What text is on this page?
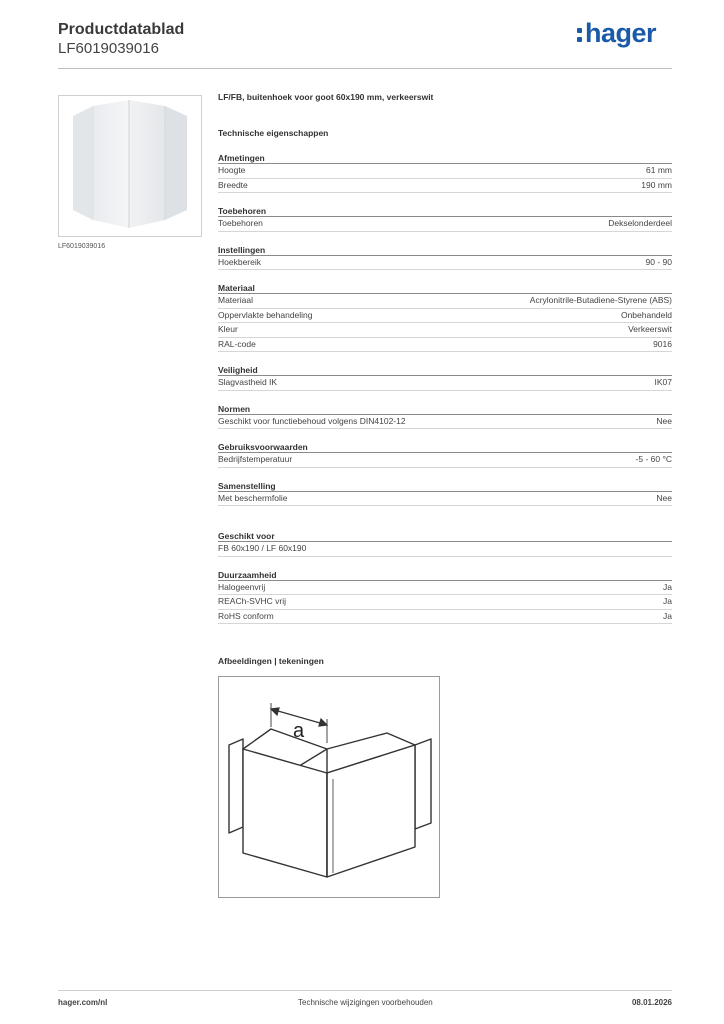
Productdatablad
LF6019039016
hager
LF6019039016
LF/FB, buitenhoek voor goot 60x190 mm, verkeerswit
Technische eigenschappen
Afmetingen
Hoogte	61 mm
Breedte	190 mm
Toebehoren
Toebehoren	Dekselonderdeel
Instellingen
Hoekbereik	90 - 90
Materiaal
Materiaal	Acrylonitrile-Butadiene-Styrene (ABS)
Oppervlakte behandeling	Onbehandeld
Kleur	Verkeerswit
RAL-code	9016
Veiligheid
Slagvastheid IK	IK07
Normen
Geschikt voor functiebehoud volgens DIN4102-12	Nee
Gebruiksvoorwaarden
Bedrijfstemperatuur	-5 - 60 °C
Samenstelling
Met beschermfolie	Nee
Geschikt voor
FB 60x190 / LF 60x190
Duurzaamheid
Halogeenvrij	Ja
REACh-SVHC vrij	Ja
RoHS conform	Ja
Afbeeldingen | tekeningen
a
hager.com/nl	Technische wijzigingen voorbehouden	08.01.2026
